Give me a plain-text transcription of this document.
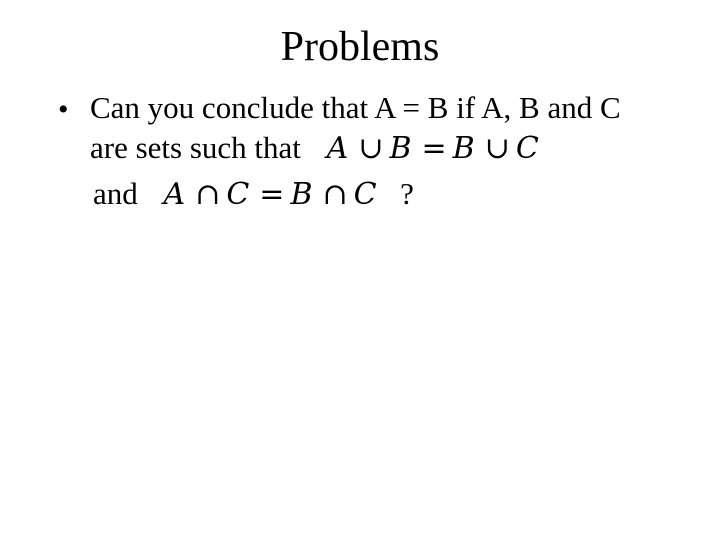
Problems
• Can you conclude that A = B if A, B and C
are sets such that A ∪ B = B ∪ C
and A ∩ C = B ∩ C ?
